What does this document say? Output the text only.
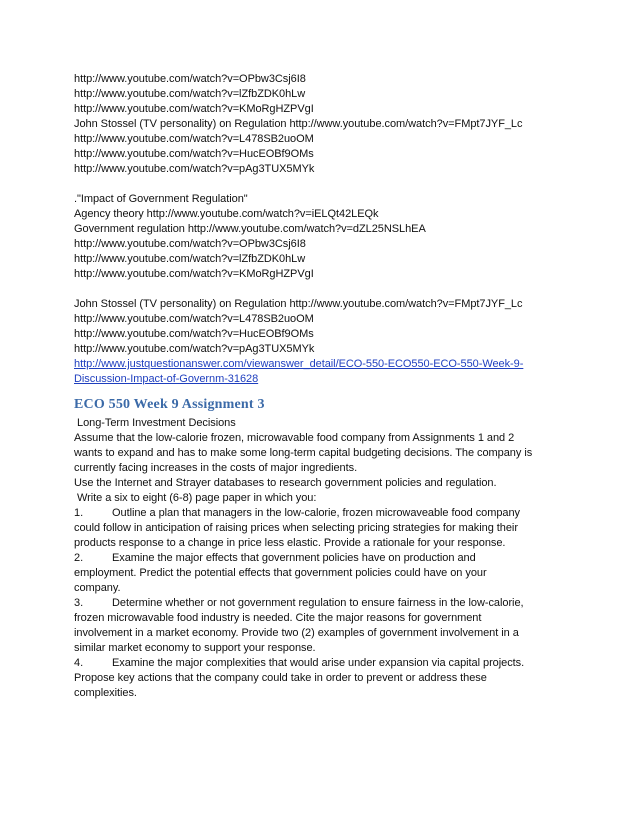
http://www.youtube.com/watch?v=OPbw3Csj6I8
http://www.youtube.com/watch?v=lZfbZDK0hLw
http://www.youtube.com/watch?v=KMoRgHZPVgI
John Stossel (TV personality) on Regulation http://www.youtube.com/watch?v=FMpt7JYF_Lc
http://www.youtube.com/watch?v=L478SB2uoOM
http://www.youtube.com/watch?v=HucEOBf9OMs
http://www.youtube.com/watch?v=pAg3TUX5MYk
."Impact of Government Regulation"
Agency theory http://www.youtube.com/watch?v=iELQt42LEQk
Government regulation http://www.youtube.com/watch?v=dZL25NSLhEA
http://www.youtube.com/watch?v=OPbw3Csj6I8
http://www.youtube.com/watch?v=lZfbZDK0hLw
http://www.youtube.com/watch?v=KMoRgHZPVgI
John Stossel (TV personality) on Regulation http://www.youtube.com/watch?v=FMpt7JYF_Lc
http://www.youtube.com/watch?v=L478SB2uoOM
http://www.youtube.com/watch?v=HucEOBf9OMs
http://www.youtube.com/watch?v=pAg3TUX5MYk
http://www.justquestionanswer.com/viewanswer_detail/ECO-550-ECO550-ECO-550-Week-9-
Discussion-Impact-of-Governm-31628
ECO 550 Week 9 Assignment 3
Long-Term Investment Decisions
Assume that the low-calorie frozen, microwavable food company from Assignments 1 and 2
wants to expand and has to make some long-term capital budgeting decisions. The company is
currently facing increases in the costs of major ingredients.
Use the Internet and Strayer databases to research government policies and regulation.
Write a six to eight (6-8) page paper in which you:
1.	Outline a plan that managers in the low-calorie, frozen microwaveable food company
could follow in anticipation of raising prices when selecting pricing strategies for making their
products response to a change in price less elastic. Provide a rationale for your response.
2.	Examine the major effects that government policies have on production and
employment. Predict the potential effects that government policies could have on your
company.
3.	Determine whether or not government regulation to ensure fairness in the low-calorie,
frozen microwavable food industry is needed. Cite the major reasons for government
involvement in a market economy. Provide two (2) examples of government involvement in a
similar market economy to support your response.
4.	Examine the major complexities that would arise under expansion via capital projects.
Propose key actions that the company could take in order to prevent or address these
complexities.
